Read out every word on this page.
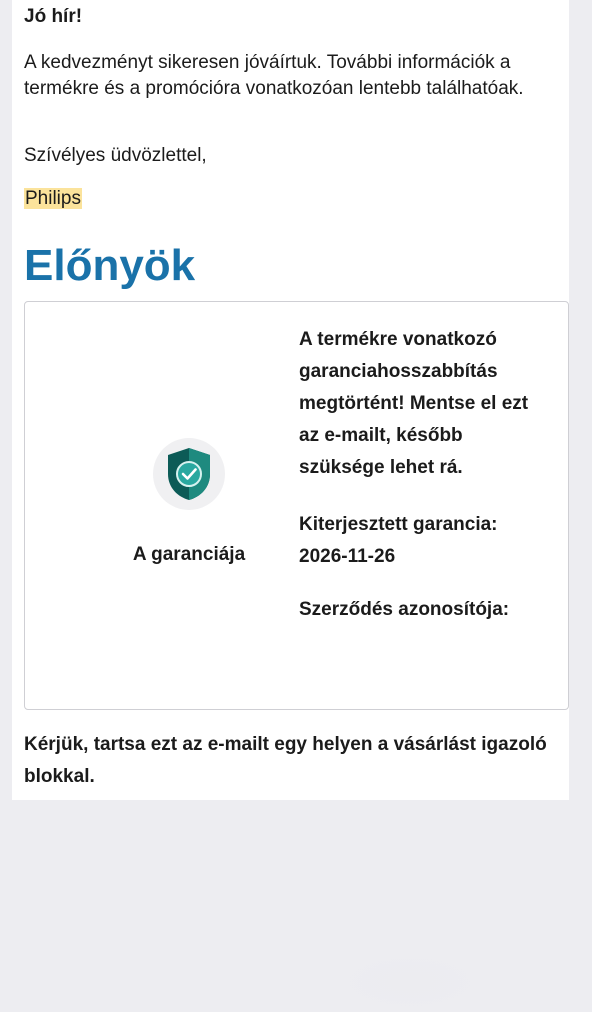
Jó hír!

A kedvezményt sikeresen jóváírtuk. További információk a termékre és a promócióra vonatkozóan lentebb találhatóak.

Szívélyes üdvözlettel,

Philips

Előnyök

A garanciája

A termékre vonatkozó garanciahosszabbítás megtörtént! Mentse el ezt az e-mailt, később szüksége lehet rá.

Kiterjesztett garancia:

2026-11-26

Szerződés azonosítója:

Kérjük, tartsa ezt az e-mailt egy helyen a vásárlást igazoló blokkal.
